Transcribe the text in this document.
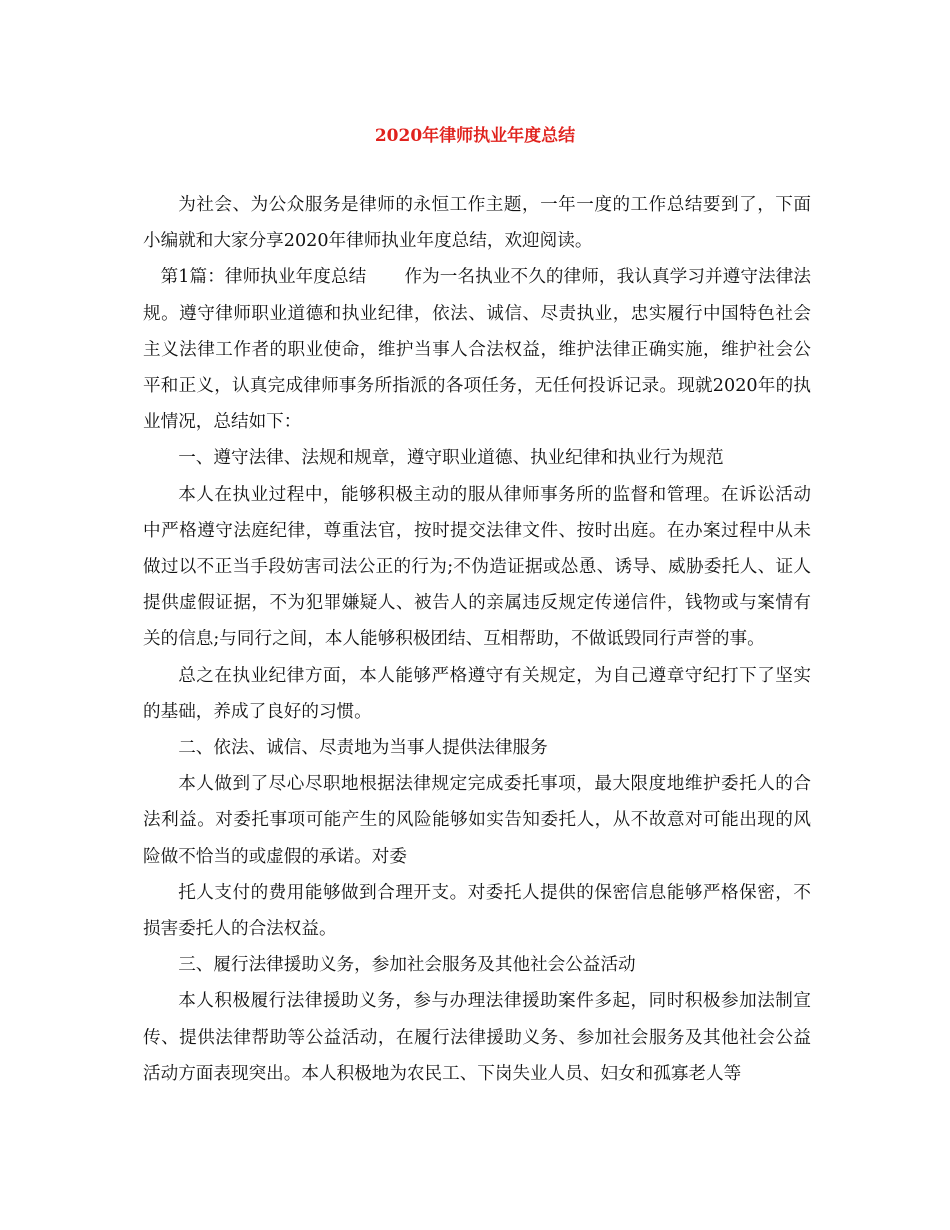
2020年律师执业年度总结

为社会、为公众服务是律师的永恒工作主题，一年一度的工作总结要到了，下面小编就和大家分享2020年律师执业年度总结，欢迎阅读。

第1篇：律师执业年度总结 作为一名执业不久的律师，我认真学习并遵守法律法规。遵守律师职业道德和执业纪律，依法、诚信、尽责执业，忠实履行中国特色社会主义法律工作者的职业使命，维护当事人合法权益，维护法律正确实施，维护社会公平和正义，认真完成律师事务所指派的各项任务，无任何投诉记录。现就2020年的执业情况，总结如下：

一、遵守法律、法规和规章，遵守职业道德、执业纪律和执业行为规范

本人在执业过程中，能够积极主动的服从律师事务所的监督和管理。在诉讼活动中严格遵守法庭纪律，尊重法官，按时提交法律文件、按时出庭。在办案过程中从未做过以不正当手段妨害司法公正的行为;不伪造证据或怂恿、诱导、威胁委托人、证人提供虚假证据，不为犯罪嫌疑人、被告人的亲属违反规定传递信件，钱物或与案情有关的信息;与同行之间，本人能够积极团结、互相帮助，不做诋毁同行声誉的事。

总之在执业纪律方面，本人能够严格遵守有关规定，为自己遵章守纪打下了坚实的基础，养成了良好的习惯。

二、依法、诚信、尽责地为当事人提供法律服务

本人做到了尽心尽职地根据法律规定完成委托事项，最大限度地维护委托人的合法利益。对委托事项可能产生的风险能够如实告知委托人，从不故意对可能出现的风险做不恰当的或虚假的承诺。对委

托人支付的费用能够做到合理开支。对委托人提供的保密信息能够严格保密，不损害委托人的合法权益。

三、履行法律援助义务，参加社会服务及其他社会公益活动

本人积极履行法律援助义务，参与办理法律援助案件多起，同时积极参加法制宣传、提供法律帮助等公益活动，在履行法律援助义务、参加社会服务及其他社会公益活动方面表现突出。本人积极地为农民工、下岗失业人员、妇女和孤寡老人等
